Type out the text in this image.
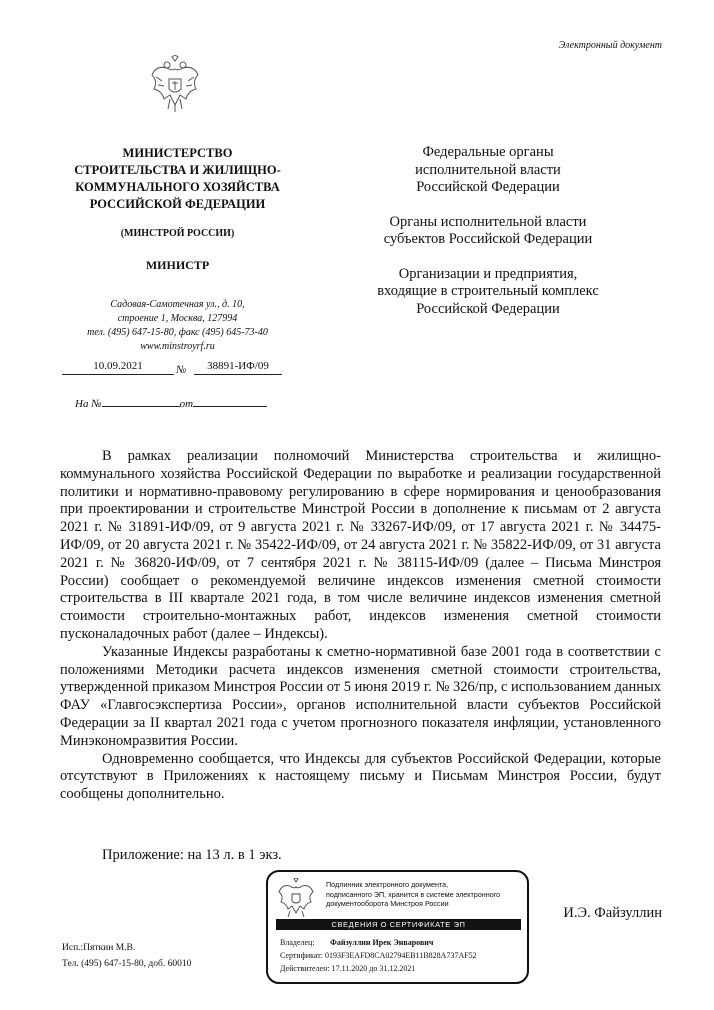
Электронный документ
МИНИСТЕРСТВО
СТРОИТЕЛЬСТВА И ЖИЛИЩНО-
КОММУНАЛЬНОГО ХОЗЯЙСТВА
РОССИЙСКОЙ ФЕДЕРАЦИИ
(МИНСТРОЙ РОССИИ)
МИНИСТР
Садовая-Самотечная ул., д. 10,
строение 1, Москва, 127994
тел. (495) 647-15-80, факс (495) 645-73-40
www.minstroyrf.ru
10.09.2021	№	38891-ИФ/09
На №	от
Федеральные органы
исполнительной власти
Российской Федерации
Органы исполнительной власти
субъектов Российской Федерации
Организации и предприятия,
входящие в строительный комплекс
Российской Федерации

В рамках реализации полномочий Министерства строительства и жилищно-коммунального хозяйства Российской Федерации по выработке и реализации государственной политики и нормативно-правовому регулированию в сфере нормирования и ценообразования при проектировании и строительстве Минстрой России в дополнение к письмам от 2 августа 2021 г. № 31891-ИФ/09, от 9 августа 2021 г. № 33267-ИФ/09, от 17 августа 2021 г. № 34475-ИФ/09, от 20 августа 2021 г. № 35422-ИФ/09, от 24 августа 2021 г. № 35822-ИФ/09, от 31 августа 2021 г. № 36820-ИФ/09, от 7 сентября 2021 г. № 38115-ИФ/09 (далее – Письма Минстроя России) сообщает о рекомендуемой величине индексов изменения сметной стоимости строительства в III квартале 2021 года, в том числе величине индексов изменения сметной стоимости строительно-монтажных работ, индексов изменения сметной стоимости пусконаладочных работ (далее – Индексы).

Указанные Индексы разработаны к сметно-нормативной базе 2001 года в соответствии с положениями Методики расчета индексов изменения сметной стоимости строительства, утвержденной приказом Минстроя России от 5 июня 2019 г. № 326/пр, с использованием данных ФАУ «Главгосэкспертиза России», органов исполнительной власти субъектов Российской Федерации за II квартал 2021 года с учетом прогнозного показателя инфляции, установленного Минэкономразвития России.

Одновременно сообщается, что Индексы для субъектов Российской Федерации, которые отсутствуют в Приложениях к настоящему письму и Письмам Минстроя России, будут сообщены дополнительно.

Приложение: на 13 л. в 1 экз.
Подлинник электронного документа,
подписанного ЭП, хранится в системе электронного
документооборота Минстроя России
СВЕДЕНИЯ О СЕРТИФИКАТЕ ЭП
Владелец: Файзуллин Ирек Энварович
Сертификат: 0193F3EAFD8CA02794EB11B828A737AF52
Действителен: 17.11.2020 до 31.12.2021
И.Э. Файзуллин
Исп.:Пяткин М.В.
Тел. (495) 647-15-80, доб. 60010
